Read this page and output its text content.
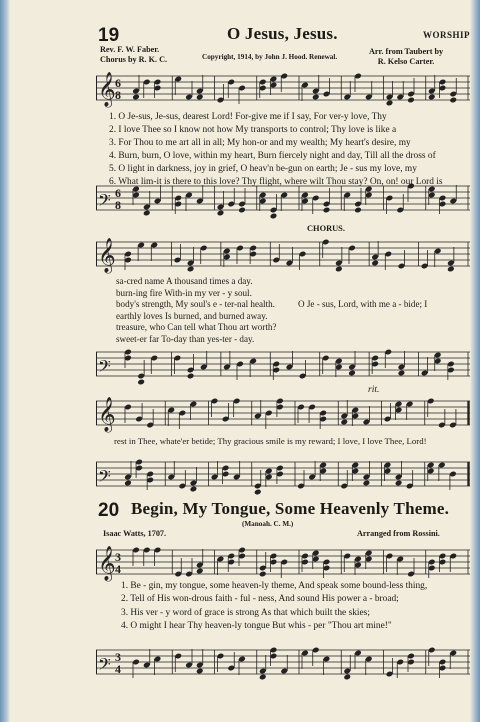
19	O Jesus, Jesus.	WORSHIP
Rev. F. W. Faber.
Chorus by R. K. C.	Copyright, 1914, by John J. Hood. Renewal.
Arr. from Taubert by
R. Kelso Carter.
𝄞 6
8
𝄢 6
8
𝄞
𝄢
𝄞
𝄢
𝄞 3
4
𝄢 3
4
1. O Je-sus, Je-sus, dearest Lord! For-give me if I say, For ver-y love, Thy
2. I love Thee so I know not how My transports to control; Thy love is like a
3. For Thou to me art all in all; My hon-or and my wealth; My heart's desire, my
4. Burn, burn, O love, within my heart, Burn fiercely night and day, Till all the dross of
5. O light in darkness, joy in grief, O heav'n be-gun on earth; Je - sus my love, my
6. What lim-it is there to this love? Thy flight, where wilt Thou stay? On, on! our Lord is
CHORUS.
sa-cred name A thousand times a day.
burn-ing fire With-in my ver - y soul.
body's strength, My soul's e - ter-nal health.
earthly loves Is burned, and burned away.
treasure, who Can tell what Thou art worth?
sweet-er far To-day than yes-ter - day.
O Je - sus, Lord, with me a - bide; I
rit.
rest in Thee, whate'er betide; Thy gracious smile is my reward; I love, I love Thee, Lord!
20 Begin, My Tongue, Some Heavenly Theme.
(Manoah. C. M.)
Isaac Watts, 1707.	Arranged from Rossini.
1. Be - gin, my tongue, some heaven-ly theme, And speak some bound-less thing,
2. Tell of His won-drous faith - ful - ness, And sound His power a - broad;
3. His ver - y word of grace is strong As that which built the skies;
4. O might I hear Thy heaven-ly tongue But whis - per "Thou art mine!"
